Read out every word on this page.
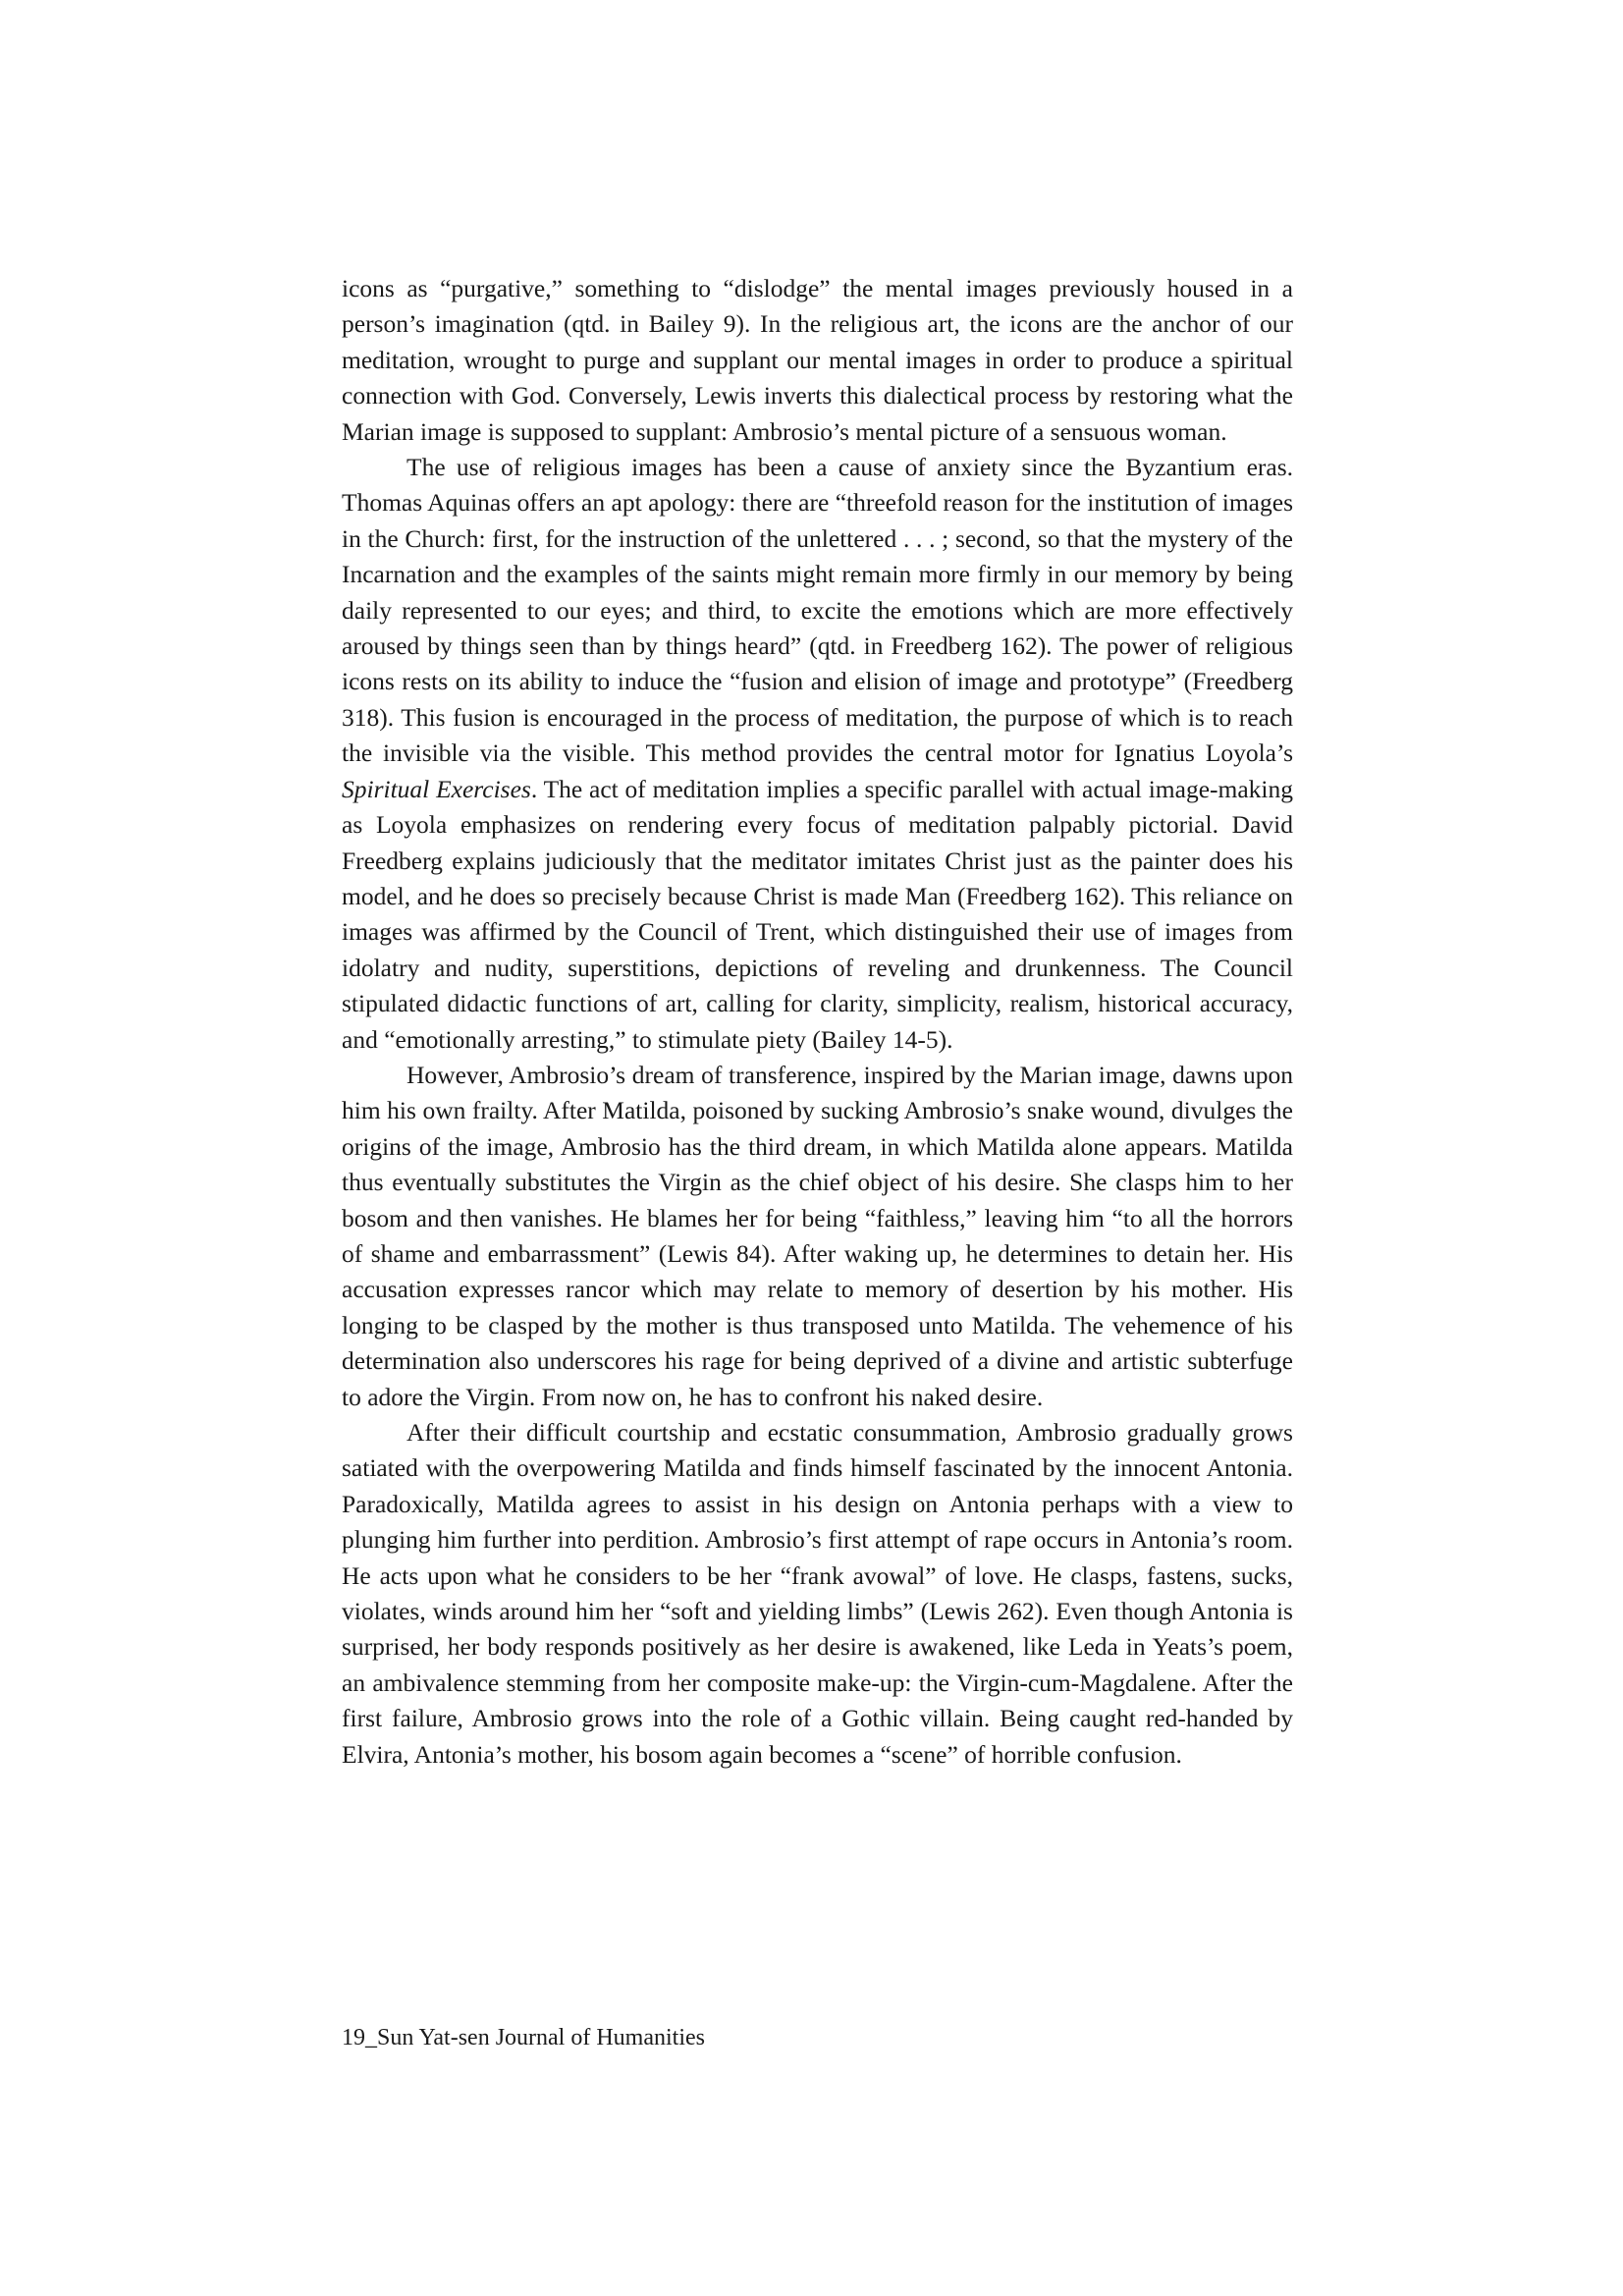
icons as “purgative,” something to “dislodge” the mental images previously housed in a person’s imagination (qtd. in Bailey 9). In the religious art, the icons are the anchor of our meditation, wrought to purge and supplant our mental images in order to produce a spiritual connection with God. Conversely, Lewis inverts this dialectical process by restoring what the Marian image is supposed to supplant: Ambrosio’s mental picture of a sensuous woman.

The use of religious images has been a cause of anxiety since the Byzantium eras. Thomas Aquinas offers an apt apology: there are “threefold reason for the institution of images in the Church: first, for the instruction of the unlettered . . . ; second, so that the mystery of the Incarnation and the examples of the saints might remain more firmly in our memory by being daily represented to our eyes; and third, to excite the emotions which are more effectively aroused by things seen than by things heard” (qtd. in Freedberg 162). The power of religious icons rests on its ability to induce the “fusion and elision of image and prototype” (Freedberg 318). This fusion is encouraged in the process of meditation, the purpose of which is to reach the invisible via the visible. This method provides the central motor for Ignatius Loyola’s Spiritual Exercises. The act of meditation implies a specific parallel with actual image-making as Loyola emphasizes on rendering every focus of meditation palpably pictorial. David Freedberg explains judiciously that the meditator imitates Christ just as the painter does his model, and he does so precisely because Christ is made Man (Freedberg 162). This reliance on images was affirmed by the Council of Trent, which distinguished their use of images from idolatry and nudity, superstitions, depictions of reveling and drunkenness. The Council stipulated didactic functions of art, calling for clarity, simplicity, realism, historical accuracy, and “emotionally arresting,” to stimulate piety (Bailey 14-5).

However, Ambrosio’s dream of transference, inspired by the Marian image, dawns upon him his own frailty. After Matilda, poisoned by sucking Ambrosio’s snake wound, divulges the origins of the image, Ambrosio has the third dream, in which Matilda alone appears. Matilda thus eventually substitutes the Virgin as the chief object of his desire. She clasps him to her bosom and then vanishes. He blames her for being “faithless,” leaving him “to all the horrors of shame and embarrassment” (Lewis 84). After waking up, he determines to detain her. His accusation expresses rancor which may relate to memory of desertion by his mother. His longing to be clasped by the mother is thus transposed unto Matilda. The vehemence of his determination also underscores his rage for being deprived of a divine and artistic subterfuge to adore the Virgin. From now on, he has to confront his naked desire.

After their difficult courtship and ecstatic consummation, Ambrosio gradually grows satiated with the overpowering Matilda and finds himself fascinated by the innocent Antonia. Paradoxically, Matilda agrees to assist in his design on Antonia perhaps with a view to plunging him further into perdition. Ambrosio’s first attempt of rape occurs in Antonia’s room. He acts upon what he considers to be her “frank avowal” of love. He clasps, fastens, sucks, violates, winds around him her “soft and yielding limbs” (Lewis 262). Even though Antonia is surprised, her body responds positively as her desire is awakened, like Leda in Yeats’s poem, an ambivalence stemming from her composite make-up: the Virgin-cum-Magdalene. After the first failure, Ambrosio grows into the role of a Gothic villain. Being caught red-handed by Elvira, Antonia’s mother, his bosom again becomes a “scene” of horrible confusion.

19_Sun Yat-sen Journal of Humanities
